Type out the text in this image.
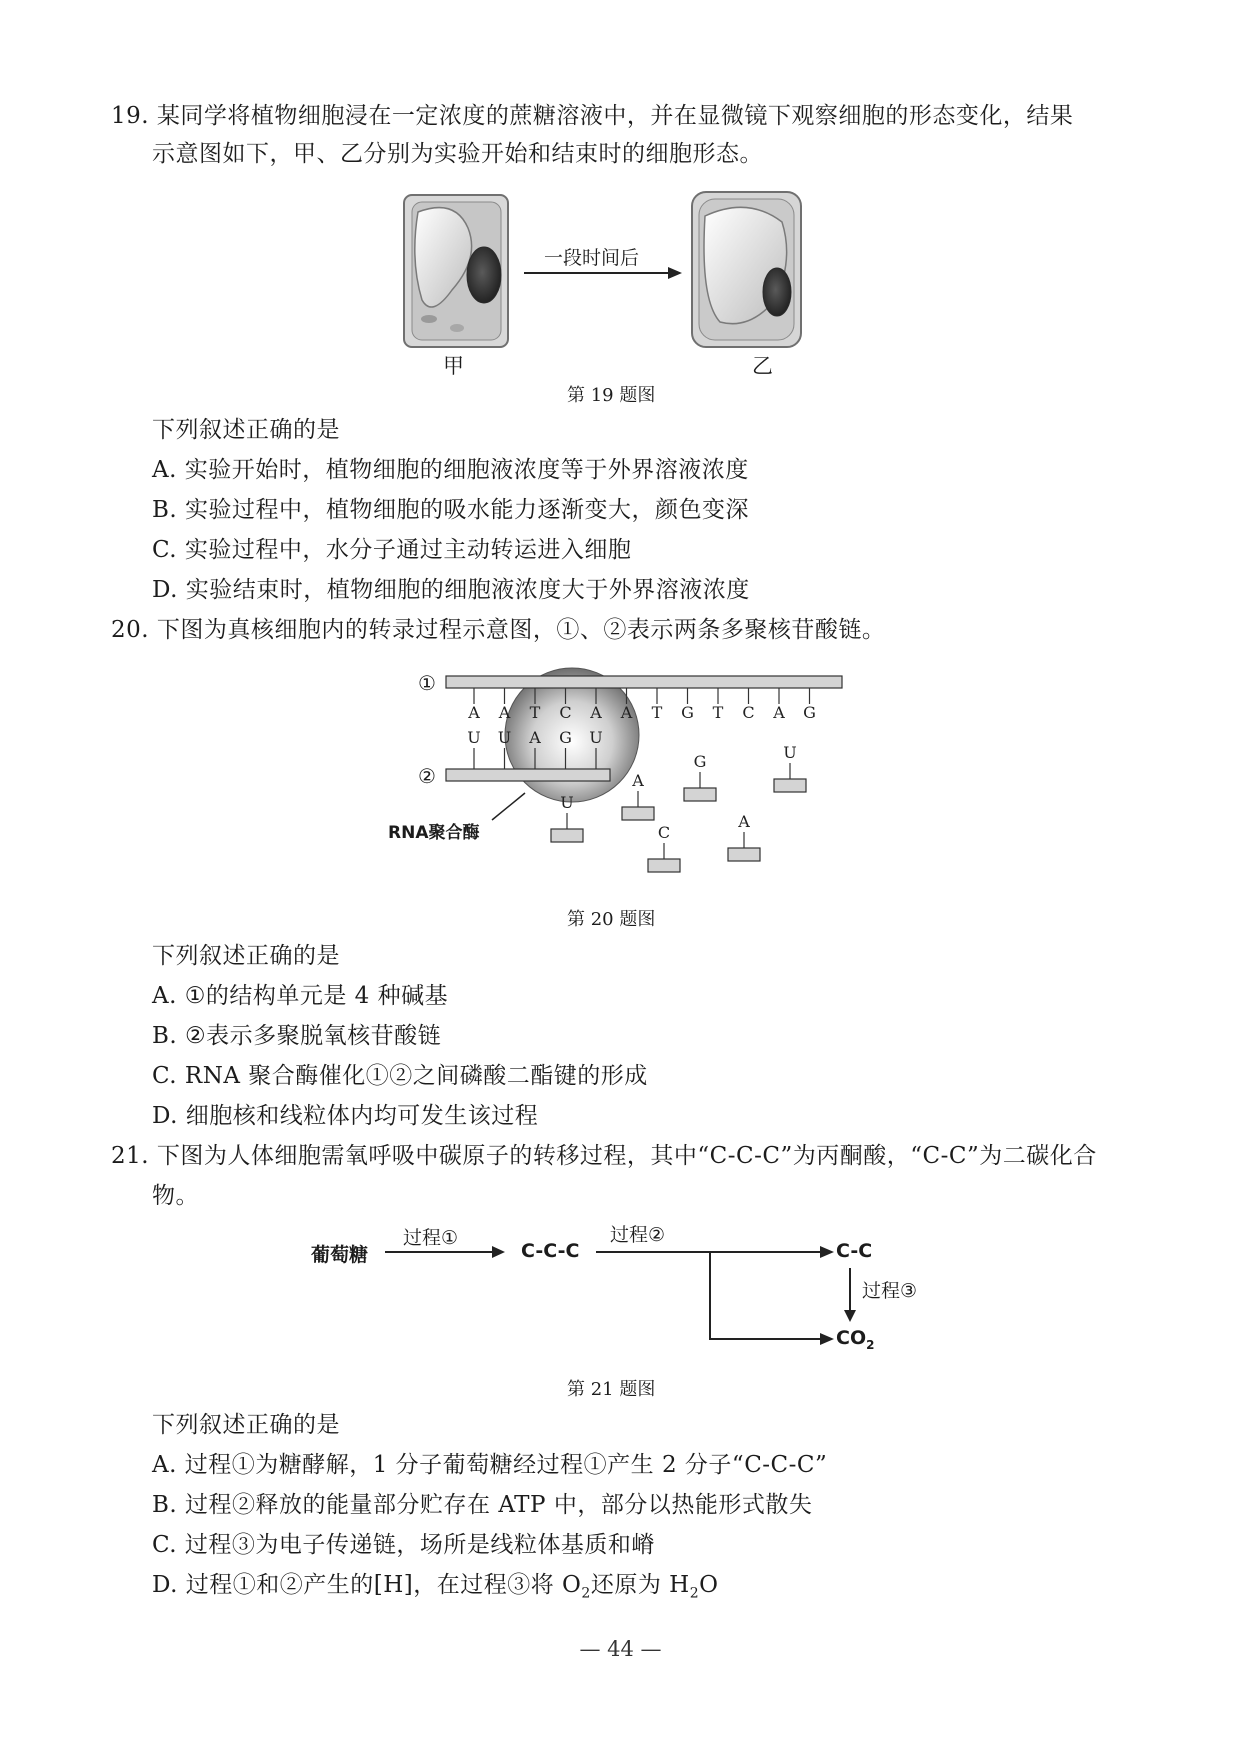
19. 某同学将植物细胞浸在一定浓度的蔗糖溶液中，并在显微镜下观察细胞的形态变化，结果
示意图如下，甲、乙分别为实验开始和结束时的细胞形态。
一段时间后
甲	乙
第 19 题图
下列叙述正确的是
A. 实验开始时，植物细胞的细胞液浓度等于外界溶液浓度
B. 实验过程中，植物细胞的吸水能力逐渐变大，颜色变深
C. 实验过程中，水分子通过主动转运进入细胞
D. 实验结束时，植物细胞的细胞液浓度大于外界溶液浓度
20. 下图为真核细胞内的转录过程示意图，①、②表示两条多聚核苷酸链。
A A T C A A T G T C A G
U U A G U
G	U
A
U
C
A
①
②
RNA聚合酶
第 20 题图
下列叙述正确的是
A. ①的结构单元是 4 种碱基
B. ②表示多聚脱氧核苷酸链
C. RNA 聚合酶催化①②之间磷酸二酯键的形成
D. 细胞核和线粒体内均可发生该过程
21. 下图为人体细胞需氧呼吸中碳原子的转移过程，其中“C-C-C”为丙酮酸，“C-C”为二碳化合
物。
葡萄糖	C-C-C	C-C
$CO_2$
过程①	过程②
过程③
第 21 题图
下列叙述正确的是
A. 过程①为糖酵解，1 分子葡萄糖经过程①产生 2 分子“C-C-C”
B. 过程②释放的能量部分贮存在 ATP 中，部分以热能形式散失
C. 过程③为电子传递链，场所是线粒体基质和嵴
D. 过程①和②产生的[H]，在过程③将 $O_2$还原为 $H_2O$
— 44 —
